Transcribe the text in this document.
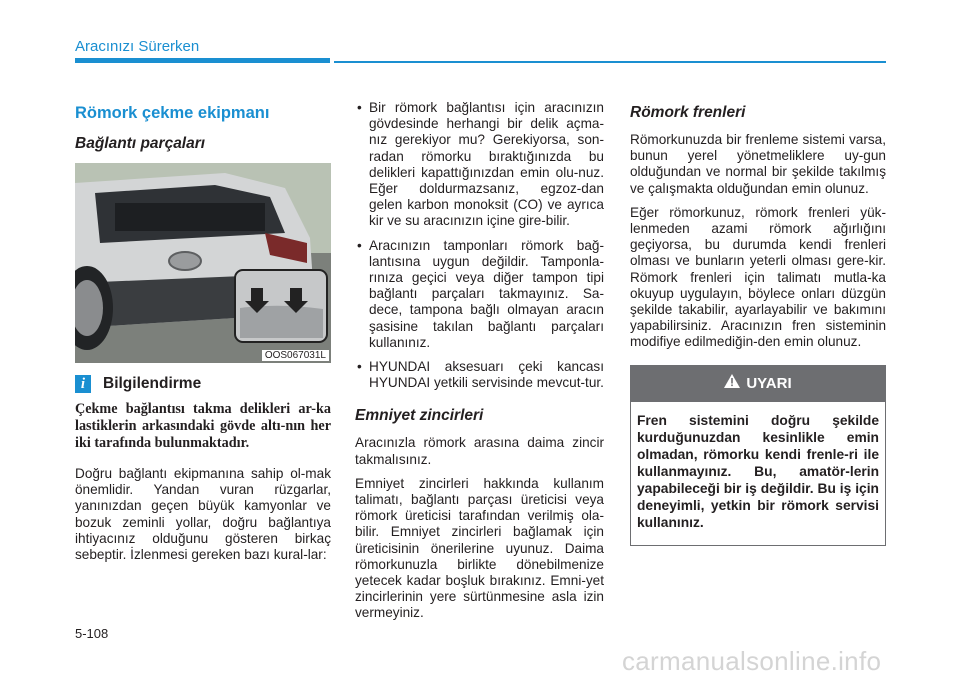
Aracınızı Sürerken
Römork çekme ekipmanı
Bağlantı parçaları
OOS067031L
i	Bilgilendirme

Çekme bağlantısı takma delikleri ar-ka lastiklerin arkasındaki gövde altı-nın her iki tarafında bulunmaktadır.

Doğru bağlantı ekipmanına sahip ol-mak önemlidir. Yandan vuran rüzgarlar, yanınızdan geçen büyük kamyonlar ve bozuk zeminli yollar, doğru bağlantıya ihtiyacınız olduğunu gösteren birkaç sebeptir. İzlenmesi gereken bazı kural-lar:

• Bir römork bağlantısı için aracınızın gövdesinde herhangi bir delik açma-nız gerekiyor mu? Gerekiyorsa, son-radan römorku bıraktığınızda bu delikleri kapattığınızdan emin olu-nuz. Eğer doldurmazsanız, egzoz-dan gelen karbon monoksit (CO) ve ayrıca kir ve su aracınızın içine gire-bilir.
• Aracınızın tamponları römork bağ-lantısına uygun değildir. Tamponla-rınıza geçici veya diğer tampon tipi bağlantı parçaları takmayınız. Sa-dece, tampona bağlı olmayan aracın şasisine takılan bağlantı parçaları kullanınız.
• HYUNDAI aksesuarı çeki kancası HYUNDAI yetkili servisinde mevcut-tur.
Emniyet zincirleri

Aracınızla römork arasına daima zincir takmalısınız.

Emniyet zincirleri hakkında kullanım talimatı, bağlantı parçası üreticisi veya römork üreticisi tarafından verilmiş ola-bilir. Emniyet zincirleri bağlamak için üreticisinin önerilerine uyunuz. Daima römorkunuzla birlikte dönebilmenize yetecek kadar boşluk bırakınız. Emni-yet zincirlerinin yere sürtünmesine asla izin vermeyiniz.

Römork frenleri

Römorkunuzda bir frenleme sistemi varsa, bunun yerel yönetmeliklere uy-gun olduğundan ve normal bir şekilde takılmış ve çalışmakta olduğundan emin olunuz.

Eğer römorkunuz, römork frenleri yük-lenmeden azami römork ağırlığını geçiyorsa, bu durumda kendi frenleri olması ve bunların yeterli olması gere-kir. Römork frenleri için talimatı mutla-ka okuyup uygulayın, böylece onları düzgün şekilde takabilir, ayarlayabilir ve bakımını yapabilirsiniz. Aracınızın fren sisteminin modifiye edilmediğin-den emin olunuz.

UYARI
Fren sistemini doğru şekilde kurduğunuzdan kesinlikle emin olmadan, römorku kendi frenle-ri ile kullanmayınız. Bu, amatör-lerin yapabileceği bir iş değildir. Bu iş için deneyimli, yetkin bir römork servisi kullanınız.
5-108
carmanualsonline.info
